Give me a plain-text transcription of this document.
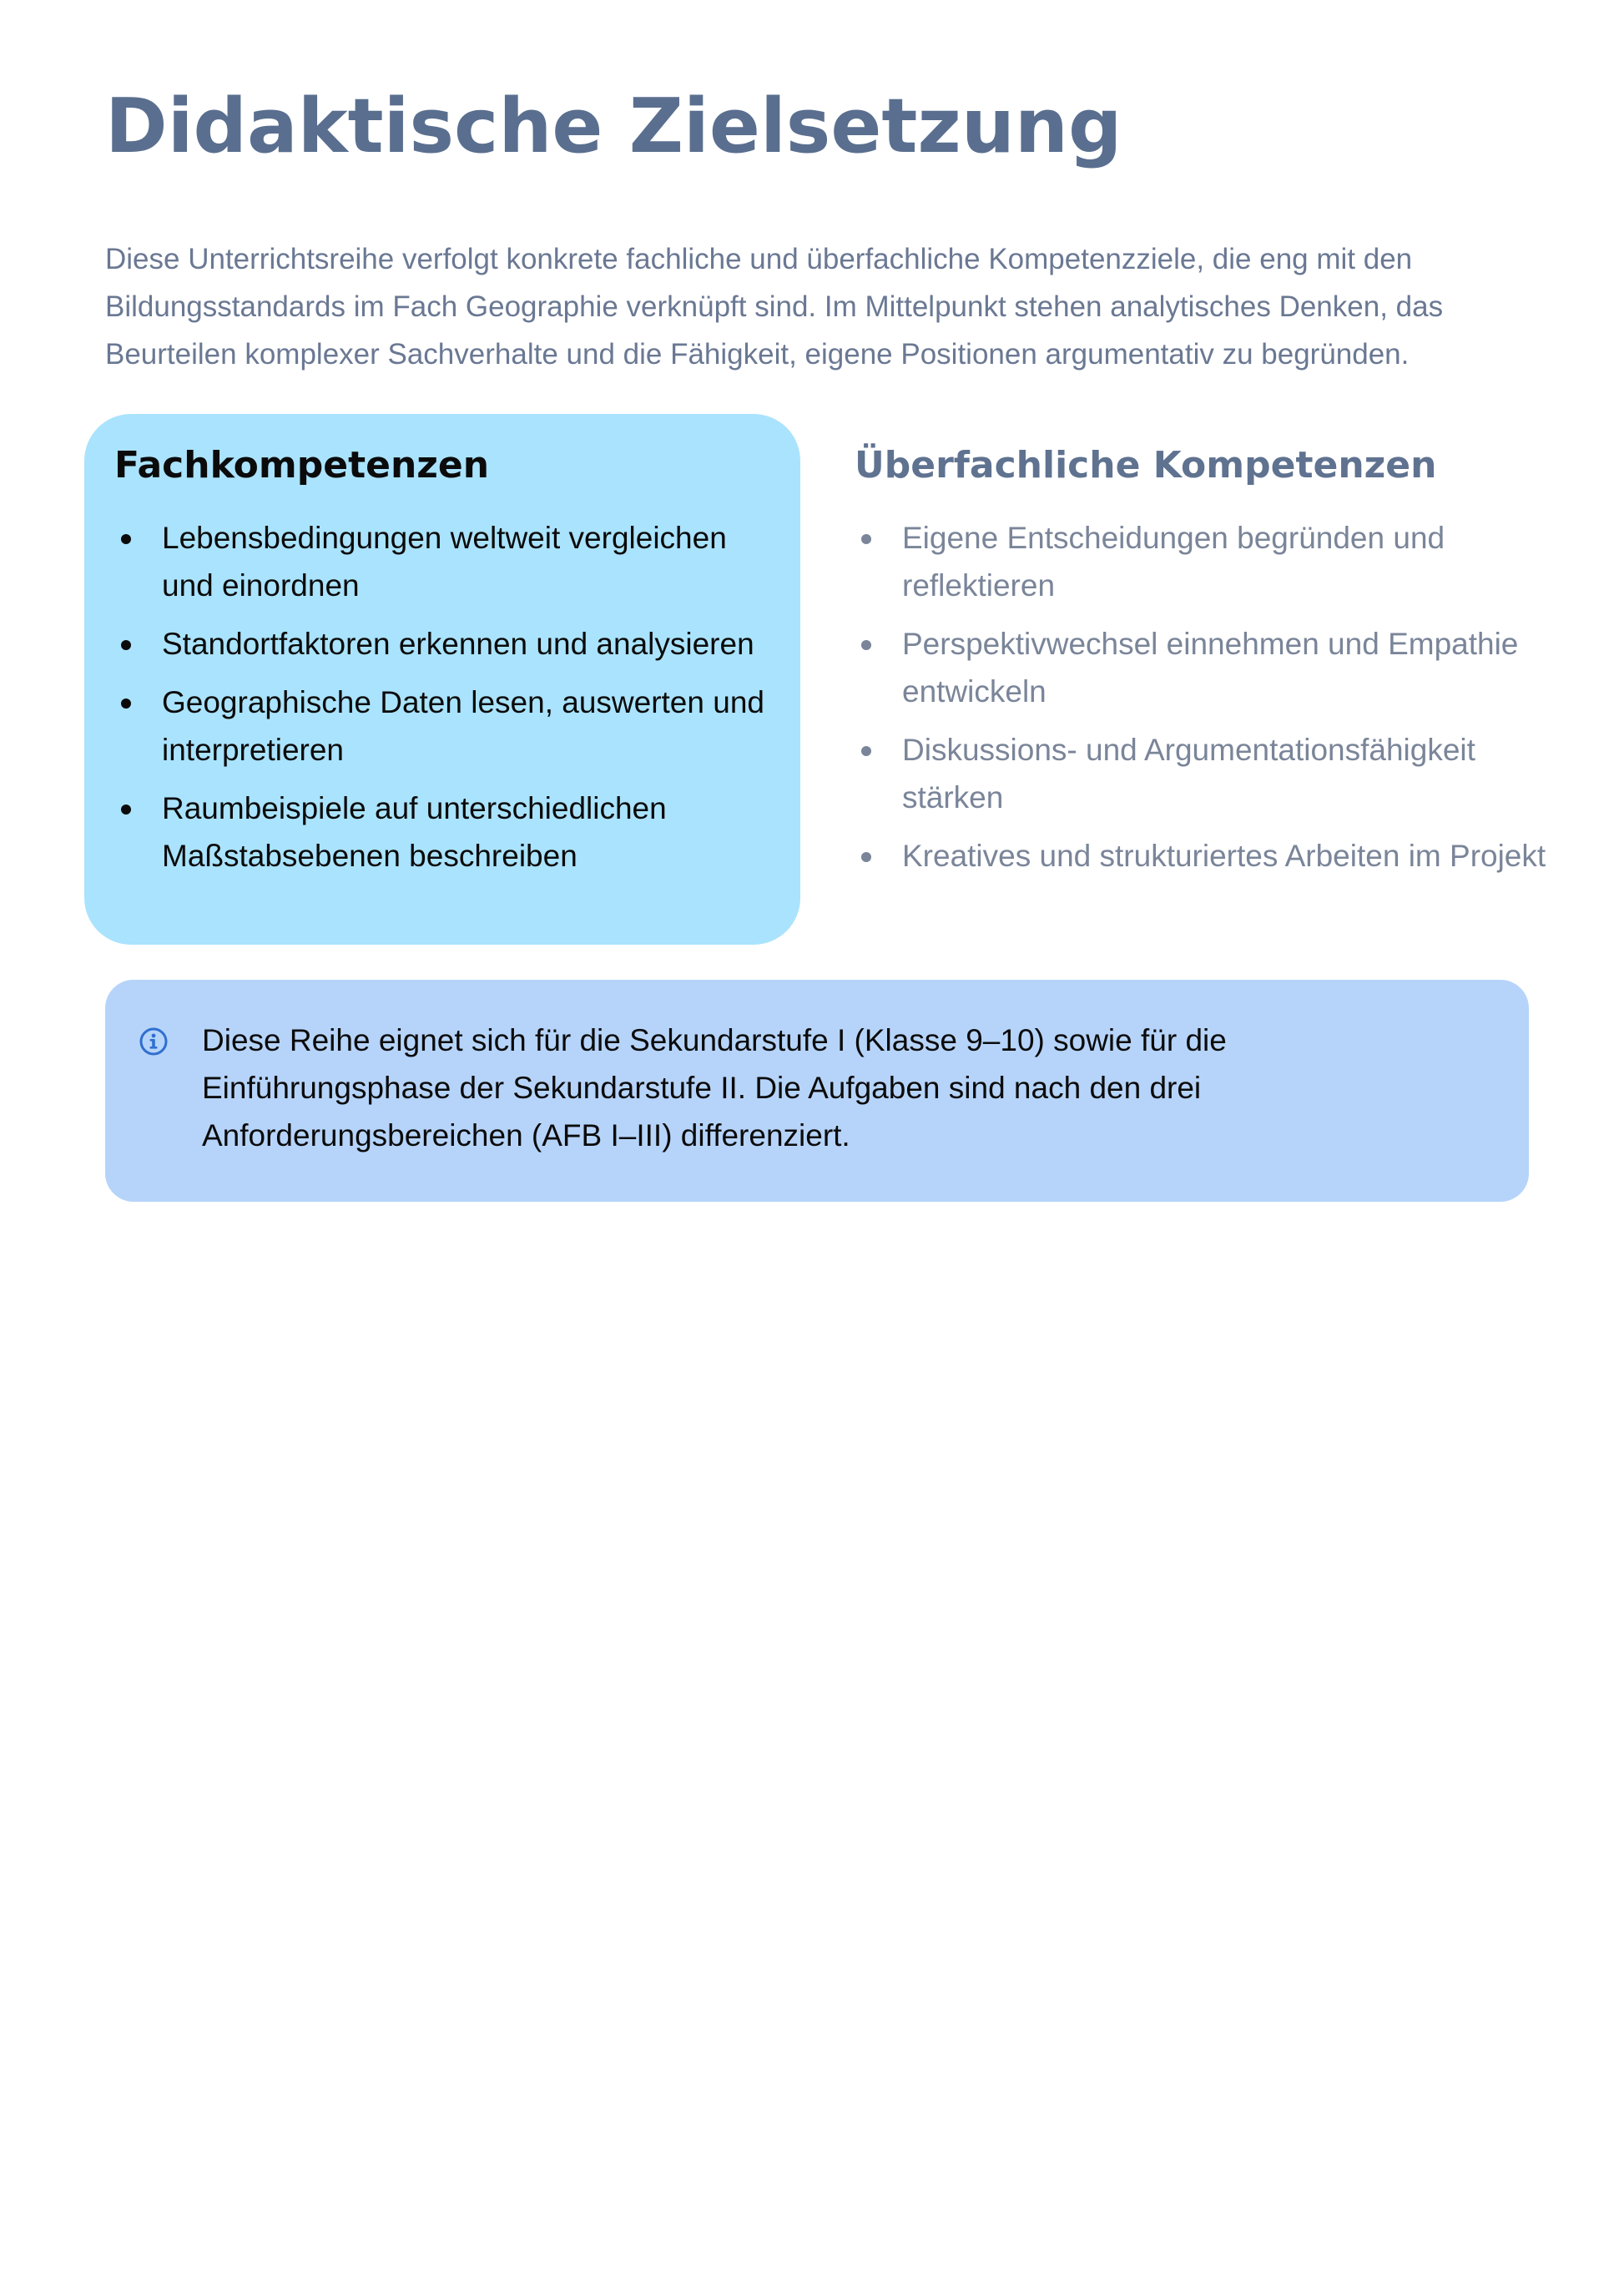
Didaktische Zielsetzung

Diese Unterrichtsreihe verfolgt konkrete fachliche und überfachliche Kompetenzziele, die eng mit den Bildungsstandards im Fach Geographie verknüpft sind. Im Mittelpunkt stehen analytisches Denken, das Beurteilen komplexer Sachverhalte und die Fähigkeit, eigene Positionen argumentativ zu begründen.

Fachkompetenzen
Lebensbedingungen weltweit vergleichen und einordnen
Standortfaktoren erkennen und analysieren
Geographische Daten lesen, auswerten und interpretieren
Raumbeispiele auf unterschiedlichen Maßstabsebenen beschreiben
Überfachliche Kompetenzen
Eigene Entscheidungen begründen und reflektieren
Perspektivwechsel einnehmen und Empathie entwickeln
Diskussions- und Argumentationsfähigkeit stärken
Kreatives und strukturiertes Arbeiten im Projekt

Diese Reihe eignet sich für die Sekundarstufe I (Klasse 9–10) sowie für die Einführungsphase der Sekundarstufe II. Die Aufgaben sind nach den drei Anforderungsbereichen (AFB I–III) differenziert.
